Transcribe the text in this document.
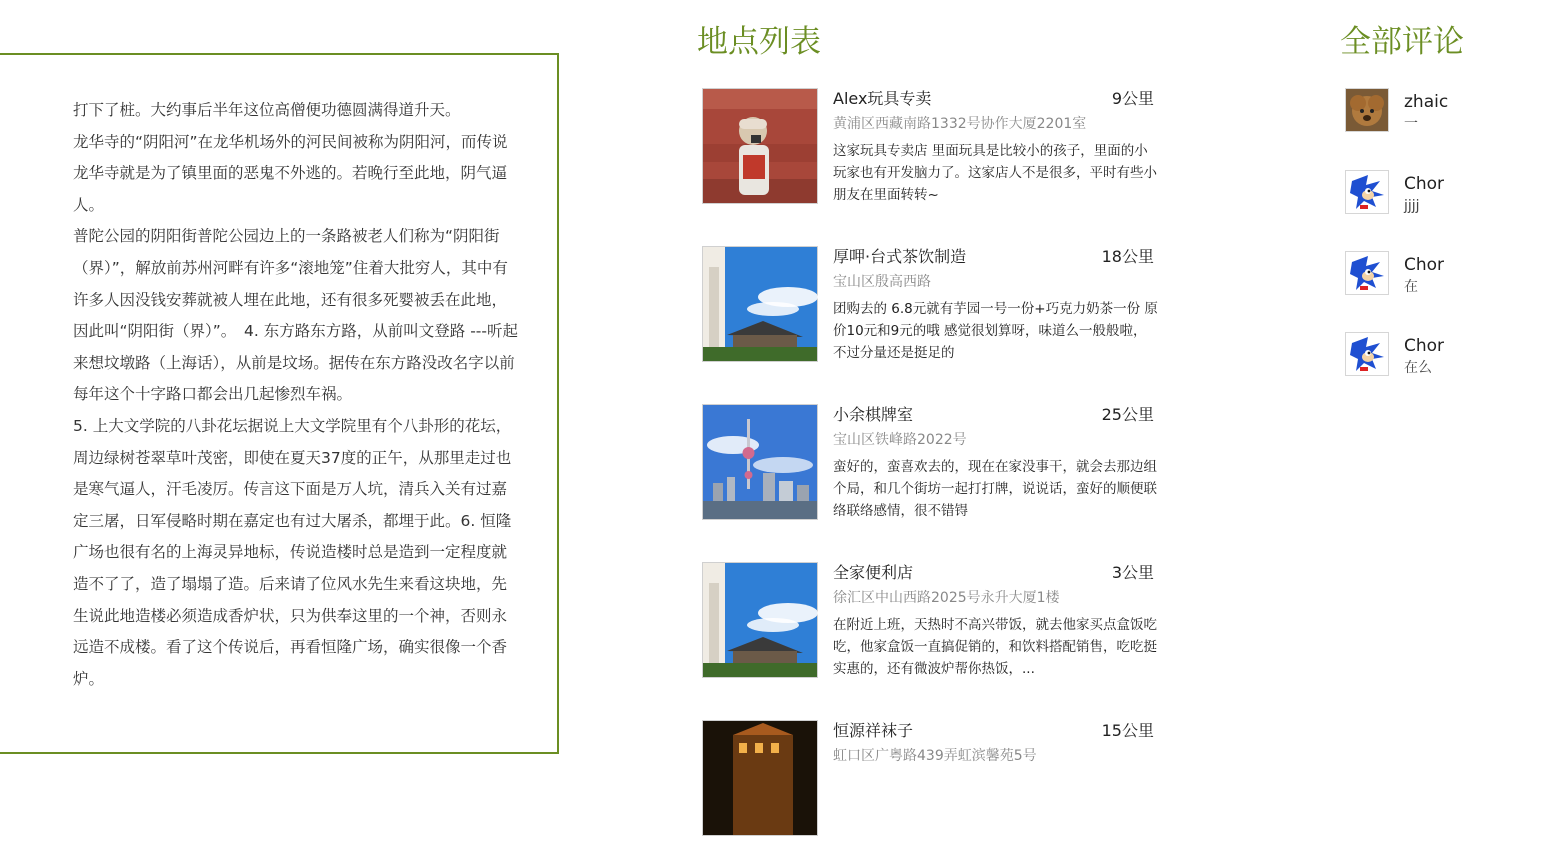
打下了桩。大约事后半年这位高僧便功德圆满得道升天。

龙华寺的“阴阳河”在龙华机场外的河民间被称为阴阳河，而传说龙华寺就是为了镇里面的恶鬼不外逃的。若晚行至此地，阴气逼人。

普陀公园的阴阳街普陀公园边上的一条路被老人们称为“阴阳街（界）”，解放前苏州河畔有许多“滚地笼”住着大批穷人，其中有许多人因没钱安葬就被人埋在此地，还有很多死婴被丢在此地，因此叫“阴阳街（界）”。　4. 东方路东方路，从前叫文登路 ---听起来想坟墩路（上海话），从前是坟场。据传在东方路没改名字以前每年这个十字路口都会出几起惨烈车祸。

5. 上大文学院的八卦花坛据说上大文学院里有个八卦形的花坛，周边绿树苍翠草叶茂密，即使在夏天37度的正午，从那里走过也是寒气逼人，汗毛凌厉。传言这下面是万人坑，清兵入关有过嘉定三屠，日军侵略时期在嘉定也有过大屠杀，都埋于此。6. 恒隆广场也很有名的上海灵异地标，传说造楼时总是造到一定程度就造不了了，造了塌塌了造。后来请了位风水先生来看这块地，先生说此地造楼必须造成香炉状，只为供奉这里的一个神，否则永远造不成楼。看了这个传说后，再看恒隆广场，确实很像一个香炉。

地点列表
Alex玩具专卖	9公里
黄浦区西藏南路1332号协作大厦2201室
这家玩具专卖店 里面玩具是比较小的孩子，里面的小玩家也有开发脑力了。这家店人不是很多，平时有些小朋友在里面转转~
厚呷·台式茶饮制造	18公里
宝山区殷高西路
团购去的 6.8元就有芋园一号一份+巧克力奶茶一份 原价10元和9元的哦 感觉很划算呀，味道么一般般啦，不过分量还是挺足的
小余棋牌室	25公里
宝山区铁峰路2022号
蛮好的，蛮喜欢去的，现在在家没事干，就会去那边组个局，和几个街坊一起打打牌，说说话，蛮好的顺便联络联络感情，很不错锝
全家便利店	3公里
徐汇区中山西路2025号永升大厦1楼
在附近上班，天热时不高兴带饭，就去他家买点盒饭吃吃，他家盒饭一直搞促销的，和饮料搭配销售，吃吃挺实惠的，还有微波炉帮你热饭，...
恒源祥袜子	15公里
虹口区广粤路439弄虹滨馨苑5号
全部评论
zhaic
一
Chor
jjjj
Chor
在
Chor
在么
